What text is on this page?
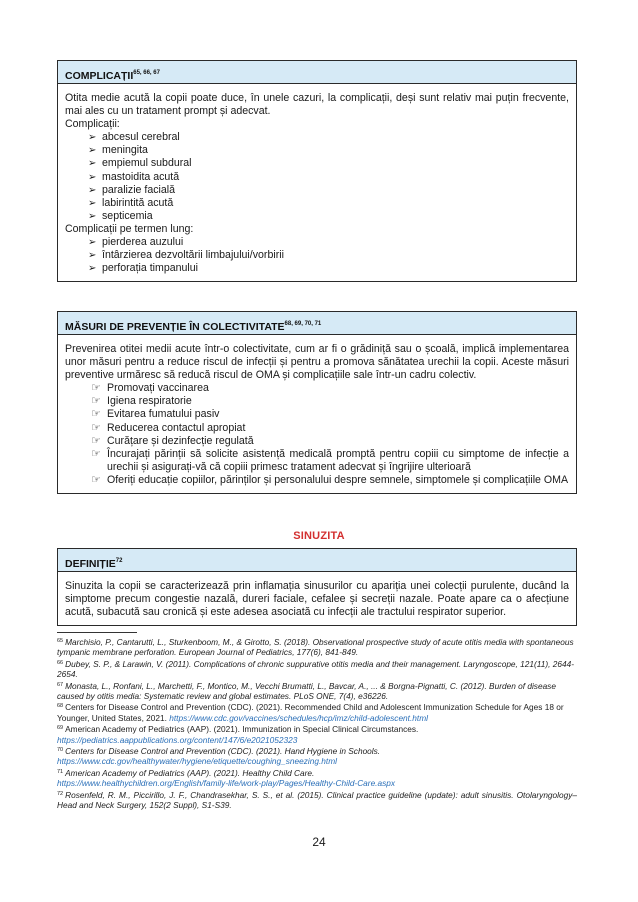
COMPLICAȚII$^{65, 66, 67}$

Otita medie acută la copii poate duce, în unele cazuri, la complicații, deși sunt relativ mai puțin frecvente, mai ales cu un tratament prompt și adecvat.

Complicații:

➢ abcesul cerebral
➢ meningita
➢ empiemul subdural
➢ mastoidita acută
➢ paralizie facială
➢ labirintită acută
➢ septicemia

Complicații pe termen lung:

➢ pierderea auzului
➢ întârzierea dezvoltării limbajului/vorbirii
➢ perforația timpanului
MĂSURI DE PREVENȚIE ÎN COLECTIVITATE$^{68, 69, 70, 71}$

Prevenirea otitei medii acute într-o colectivitate, cum ar fi o grădiniță sau o școală, implică implementarea unor măsuri pentru a reduce riscul de infecții și pentru a promova sănătatea urechii la copii. Aceste măsuri preventive urmăresc să reducă riscul de OMA și complicațiile sale într-un cadru colectiv.

☞ Promovați vaccinarea
☞ Igiena respiratorie
☞ Evitarea fumatului pasiv
☞ Reducerea contactul apropiat
☞ Curățare și dezinfecție regulată
☞ Încurajați părinții să solicite asistență medicală promptă pentru copiii cu simptome de infecție a urechii și asigurați-vă că copiii primesc tratament adecvat și îngrijire ulterioară
☞ Oferiți educație copiilor, părinților și personalului despre semnele, simptomele și complicațiile OMA
SINUZITA
DEFINIȚIE$^{72}$

Sinuzita la copii se caracterizează prin inflamația sinusurilor cu apariția unei colecții purulente, ducând la simptome precum congestie nazală, dureri faciale, cefalee și secreții nazale. Poate apare ca o afecțiune acută, subacută sau cronică și este adesea asociată cu infecții ale tractului respirator superior.

$^{65}$ Marchisio, P., Cantarutti, L., Sturkenboom, M., & Girotto, S. (2018). Observational prospective study of acute otitis media with spontaneous tympanic membrane perforation. European Journal of Pediatrics, 177(6), 841-849.

$^{66}$ Dubey, S. P., & Larawin, V. (2011). Complications of chronic suppurative otitis media and their management. Laryngoscope, 121(11), 2644-2654.

$^{67}$ Monasta, L., Ronfani, L., Marchetti, F., Montico, M., Vecchi Brumatti, L., Bavcar, A., ... & Borgna-Pignatti, C. (2012). Burden of disease caused by otitis media: Systematic review and global estimates. PLoS ONE, 7(4), e36226.

$^{68}$ Centers for Disease Control and Prevention (CDC). (2021). Recommended Child and Adolescent Immunization Schedule for Ages 18 or Younger, United States, 2021. https://www.cdc.gov/vaccines/schedules/hcp/imz/child-adolescent.html

$^{69}$ American Academy of Pediatrics (AAP). (2021). Immunization in Special Clinical Circumstances.
https://pediatrics.aappublications.org/content/147/6/e2021052323

$^{70}$ Centers for Disease Control and Prevention (CDC). (2021). Hand Hygiene in Schools.
https://www.cdc.gov/healthywater/hygiene/etiquette/coughing_sneezing.html

$^{71}$ American Academy of Pediatrics (AAP). (2021). Healthy Child Care.
https://www.healthychildren.org/English/family-life/work-play/Pages/Healthy-Child-Care.aspx

$^{72}$ Rosenfeld, R. M., Piccirillo, J. F., Chandrasekhar, S. S., et al. (2015). Clinical practice guideline (update): adult sinusitis. Otolaryngology–Head and Neck Surgery, 152(2 Suppl), S1-S39.

24
